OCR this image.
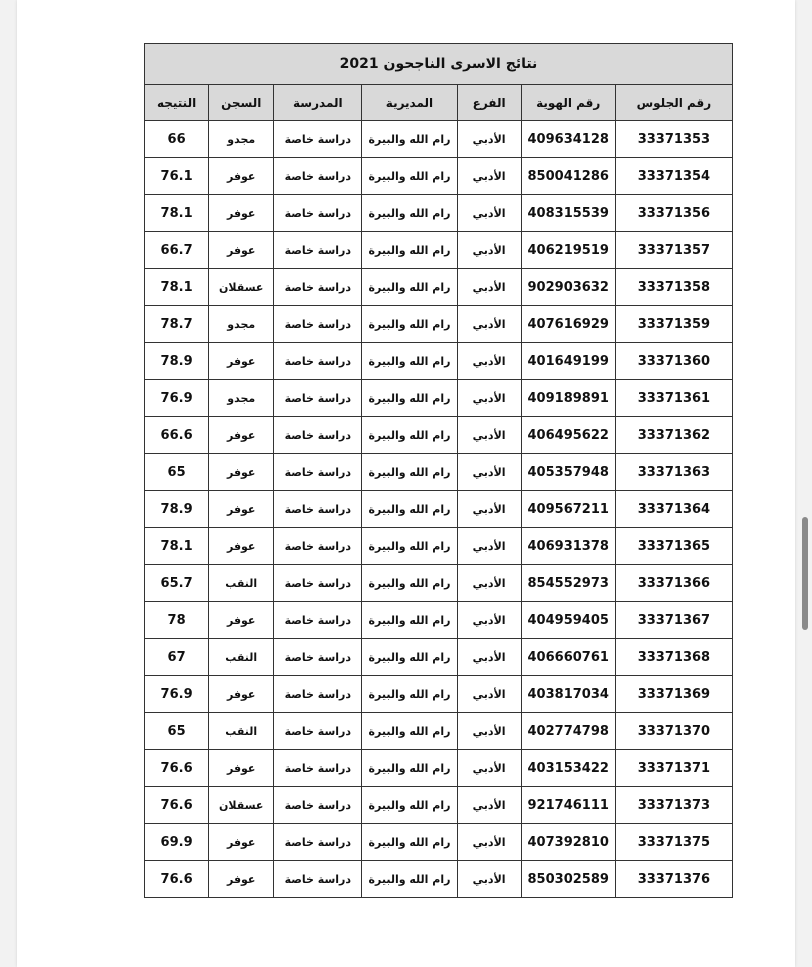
نتائج الاسرى الناجحون 2021						
رقم الجلوس	رقم الهوية	الفرع	المديرية	المدرسة	السجن	النتيجه
33371353	409634128	الأدبي	رام الله والبيرة	دراسة خاصة	مجدو	66
33371354	850041286	الأدبي	رام الله والبيرة	دراسة خاصة	عوفر	76.1
33371356	408315539	الأدبي	رام الله والبيرة	دراسة خاصة	عوفر	78.1
33371357	406219519	الأدبي	رام الله والبيرة	دراسة خاصة	عوفر	66.7
33371358	902903632	الأدبي	رام الله والبيرة	دراسة خاصة	عسقلان	78.1
33371359	407616929	الأدبي	رام الله والبيرة	دراسة خاصة	مجدو	78.7
33371360	401649199	الأدبي	رام الله والبيرة	دراسة خاصة	عوفر	78.9
33371361	409189891	الأدبي	رام الله والبيرة	دراسة خاصة	مجدو	76.9
33371362	406495622	الأدبي	رام الله والبيرة	دراسة خاصة	عوفر	66.6
33371363	405357948	الأدبي	رام الله والبيرة	دراسة خاصة	عوفر	65
33371364	409567211	الأدبي	رام الله والبيرة	دراسة خاصة	عوفر	78.9
33371365	406931378	الأدبي	رام الله والبيرة	دراسة خاصة	عوفر	78.1
33371366	854552973	الأدبي	رام الله والبيرة	دراسة خاصة	النقب	65.7
33371367	404959405	الأدبي	رام الله والبيرة	دراسة خاصة	عوفر	78
33371368	406660761	الأدبي	رام الله والبيرة	دراسة خاصة	النقب	67
33371369	403817034	الأدبي	رام الله والبيرة	دراسة خاصة	عوفر	76.9
33371370	402774798	الأدبي	رام الله والبيرة	دراسة خاصة	النقب	65
33371371	403153422	الأدبي	رام الله والبيرة	دراسة خاصة	عوفر	76.6
33371373	921746111	الأدبي	رام الله والبيرة	دراسة خاصة	عسقلان	76.6
33371375	407392810	الأدبي	رام الله والبيرة	دراسة خاصة	عوفر	69.9
33371376	850302589	الأدبي	رام الله والبيرة	دراسة خاصة	عوفر	76.6
